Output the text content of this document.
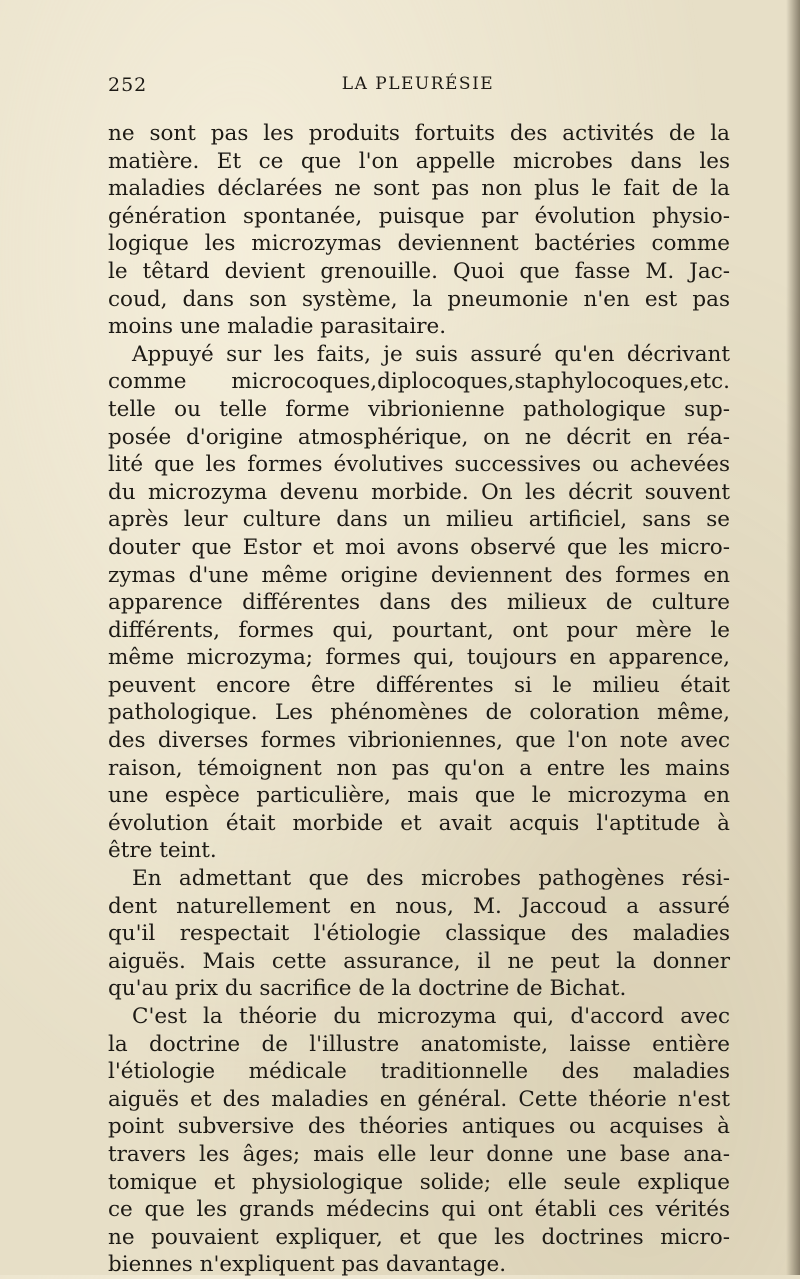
252	LA PLEURÉSIE
ne sont pas les produits fortuits des activités de la
matière. Et ce que l'on appelle microbes dans les
maladies déclarées ne sont pas non plus le fait de la
génération spontanée, puisque par évolution physio-
logique les microzymas deviennent bactéries comme
le têtard devient grenouille. Quoi que fasse M. Jac-
coud, dans son système, la pneumonie n'en est pas
moins une maladie parasitaire.
Appuyé sur les faits, je suis assuré qu'en décrivant
comme microcoques,diplocoques,staphylocoques,etc.
telle ou telle forme vibrionienne pathologique sup-
posée d'origine atmosphérique, on ne décrit en réa-
lité que les formes évolutives successives ou achevées
du microzyma devenu morbide. On les décrit souvent
après leur culture dans un milieu artificiel, sans se
douter que Estor et moi avons observé que les micro-
zymas d'une même origine deviennent des formes en
apparence différentes dans des milieux de culture
différents, formes qui, pourtant, ont pour mère le
même microzyma; formes qui, toujours en apparence,
peuvent encore être différentes si le milieu était
pathologique. Les phénomènes de coloration même,
des diverses formes vibrioniennes, que l'on note avec
raison, témoignent non pas qu'on a entre les mains
une espèce particulière, mais que le microzyma en
évolution était morbide et avait acquis l'aptitude à
être teint.
En admettant que des microbes pathogènes rési-
dent naturellement en nous, M. Jaccoud a assuré
qu'il respectait l'étiologie classique des maladies
aiguës. Mais cette assurance, il ne peut la donner
qu'au prix du sacrifice de la doctrine de Bichat.
C'est la théorie du microzyma qui, d'accord avec
la doctrine de l'illustre anatomiste, laisse entière
l'étiologie médicale traditionnelle des maladies
aiguës et des maladies en général. Cette théorie n'est
point subversive des théories antiques ou acquises à
travers les âges; mais elle leur donne une base ana-
tomique et physiologique solide; elle seule explique
ce que les grands médecins qui ont établi ces vérités
ne pouvaient expliquer, et que les doctrines micro-
biennes n'expliquent pas davantage.
